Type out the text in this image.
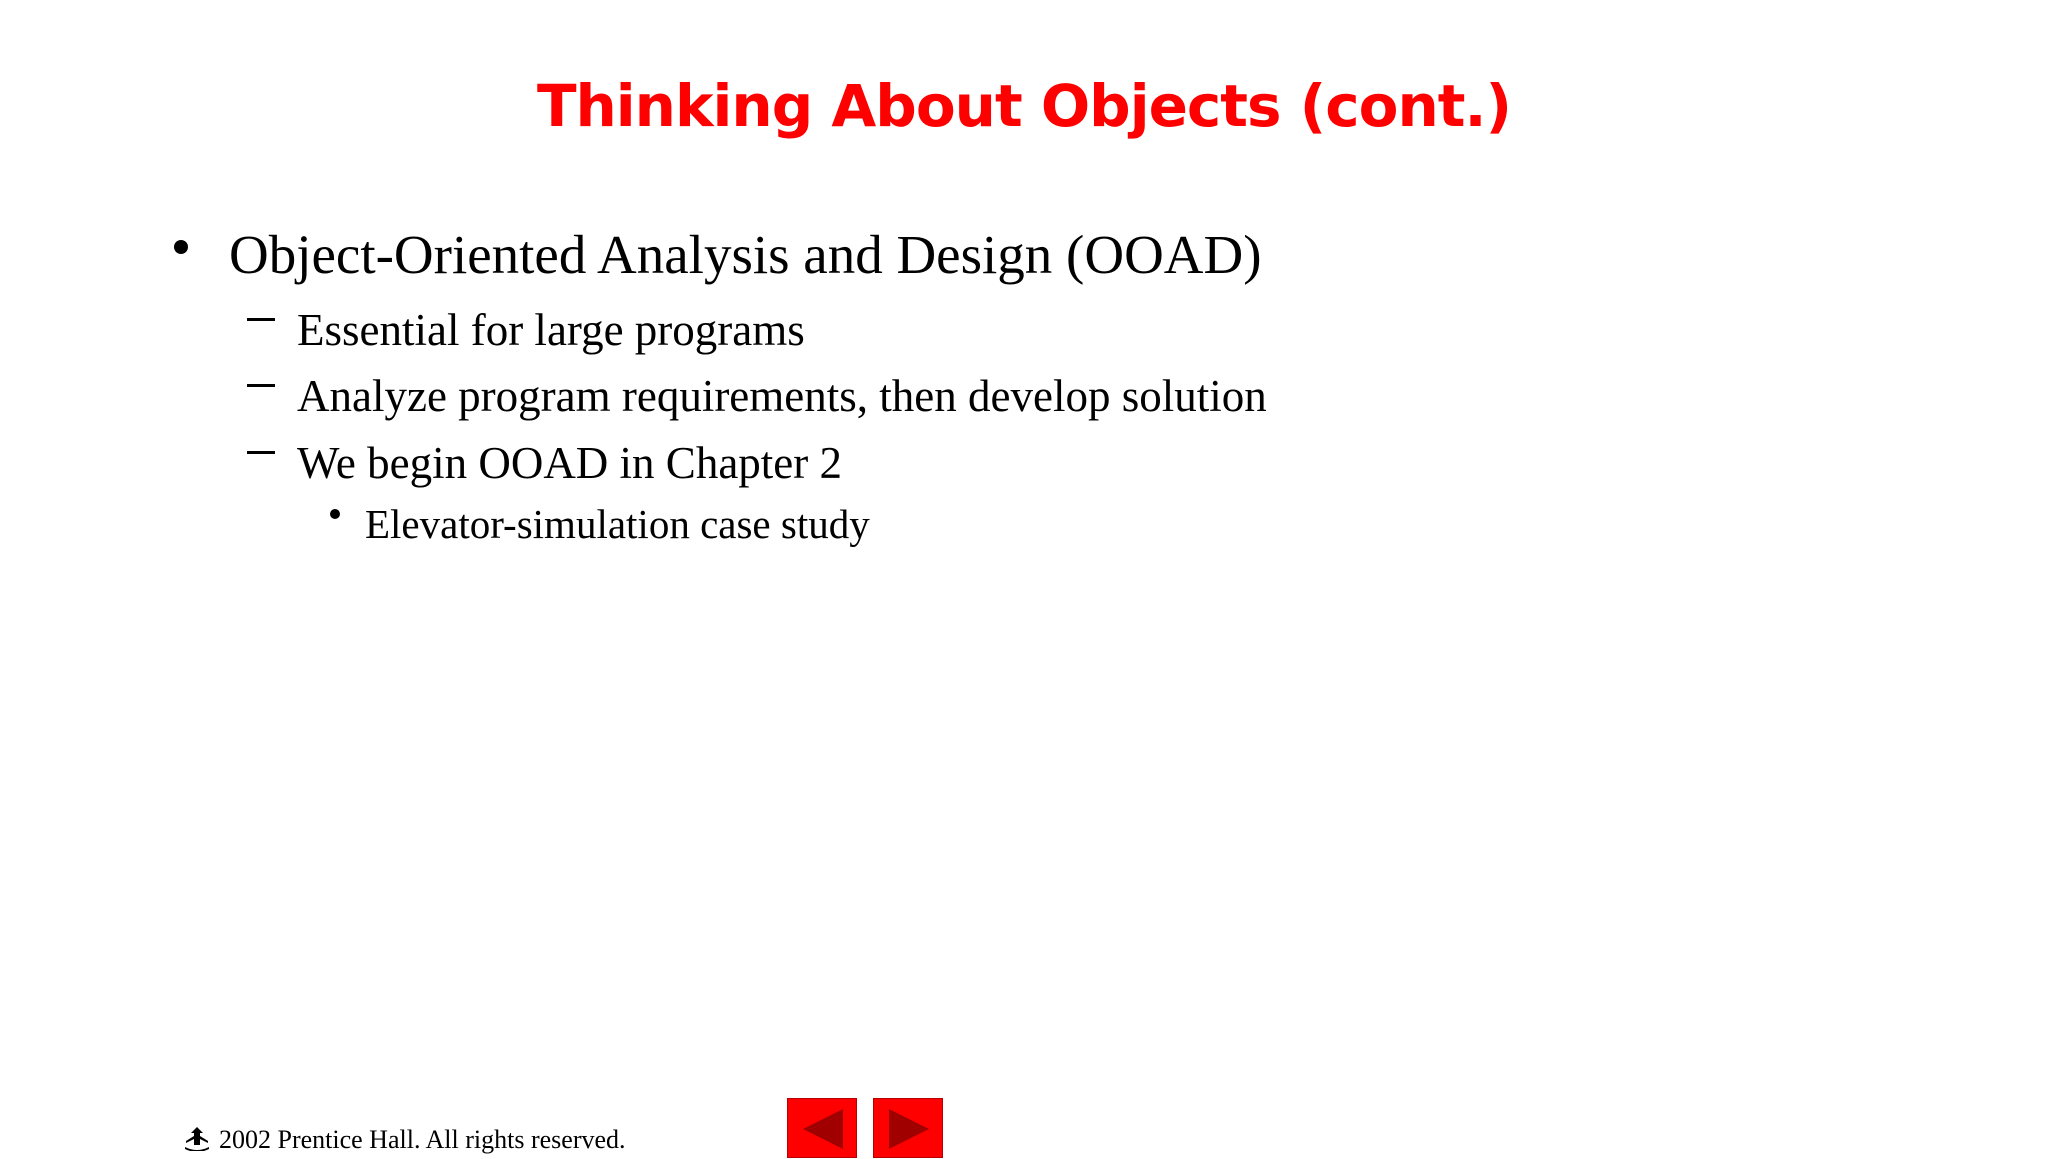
Thinking About Objects (cont.)
Object-Oriented Analysis and Design (OOAD)
Essential for large programs
Analyze program requirements, then develop solution
We begin OOAD in Chapter 2
Elevator-simulation case study
2002 Prentice Hall. All rights reserved.
